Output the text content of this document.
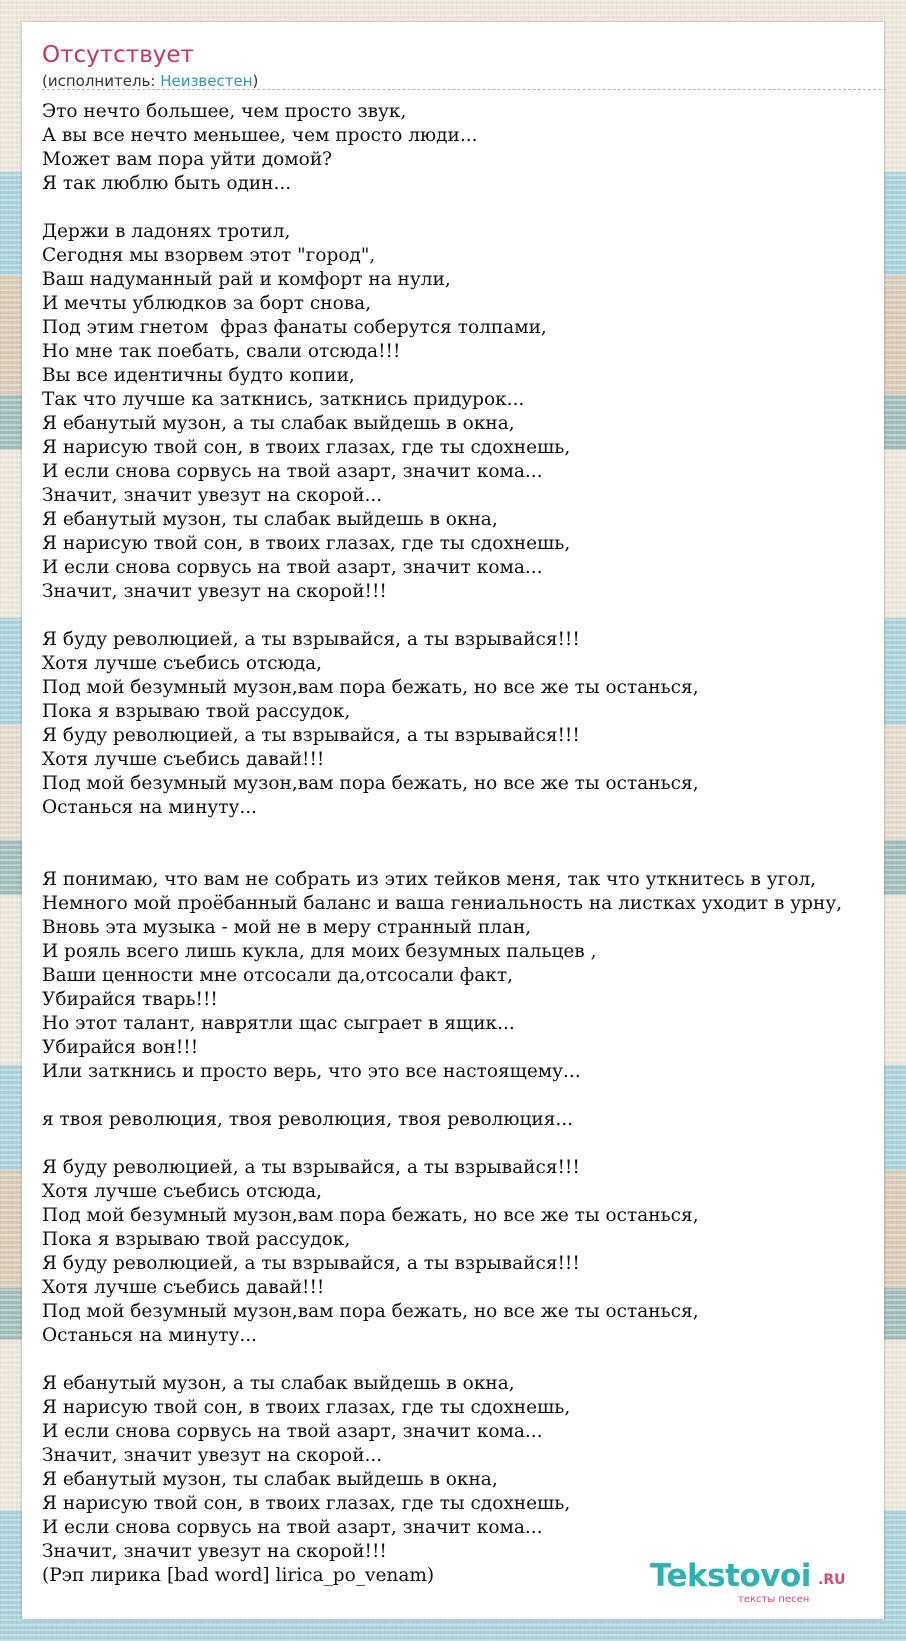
Отсутствует
(исполнитель: Неизвестен)
Это нечто большее, чем просто звук,
А вы все нечто меньшее, чем просто люди...
Может вам пора уйти домой?
Я так люблю быть один...

Держи в ладонях тротил,
Сегодня мы взорвем этот "город",
Ваш надуманный рай и комфорт на нули,
И мечты ублюдков за борт снова,
Под этим гнетом  фраз фанаты соберутся толпами,
Но мне так поебать, свали отсюда!!!
Вы все идентичны будто копии,
Так что лучше ка заткнись, заткнись придурок...
Я ебанутый музон, а ты слабак выйдешь в окна,
Я нарисую твой сон, в твоих глазах, где ты сдохнешь,
И если снова сорвусь на твой азарт, значит кома...
Значит, значит увезут на скорой...
Я ебанутый музон, ты слабак выйдешь в окна,
Я нарисую твой сон, в твоих глазах, где ты сдохнешь,
И если снова сорвусь на твой азарт, значит кома...
Значит, значит увезут на скорой!!!

Я буду революцией, а ты взрывайся, а ты взрывайся!!!
Хотя лучше съебись отсюда,
Под мой безумный музон,вам пора бежать, но все же ты останься,
Пока я взрываю твой рассудок,
Я буду революцией, а ты взрывайся, а ты взрывайся!!!
Хотя лучше съебись давай!!!
Под мой безумный музон,вам пора бежать, но все же ты останься,
Останься на минуту...

Я понимаю, что вам не собрать из этих тейков меня, так что уткнитесь в угол,
Немного мой проёбанный баланс и ваша гениальность на листках уходит в урну,
Вновь эта музыка - мой не в меру странный план,
И рояль всего лишь кукла, для моих безумных пальцев ,
Ваши ценности мне отсосали да,отсосали факт,
Убирайся тварь!!!
Но этот талант, наврятли щас сыграет в ящик...
Убирайся вон!!!
Или заткнись и просто верь, что это все настоящему...

я твоя революция, твоя революция, твоя революция...

Я буду революцией, а ты взрывайся, а ты взрывайся!!!
Хотя лучше съебись отсюда,
Под мой безумный музон,вам пора бежать, но все же ты останься,
Пока я взрываю твой рассудок,
Я буду революцией, а ты взрывайся, а ты взрывайся!!!
Хотя лучше съебись давай!!!
Под мой безумный музон,вам пора бежать, но все же ты останься,
Останься на минуту...

Я ебанутый музон, а ты слабак выйдешь в окна,
Я нарисую твой сон, в твоих глазах, где ты сдохнешь,
И если снова сорвусь на твой азарт, значит кома...
Значит, значит увезут на скорой...
Я ебанутый музон, ты слабак выйдешь в окна,
Я нарисую твой сон, в твоих глазах, где ты сдохнешь,
И если снова сорвусь на твой азарт, значит кома...
Значит, значит увезут на скорой!!!
(Рэп лирика [bad word] lirica_po_venam)	Tekstovoi .RU
тексты песен
